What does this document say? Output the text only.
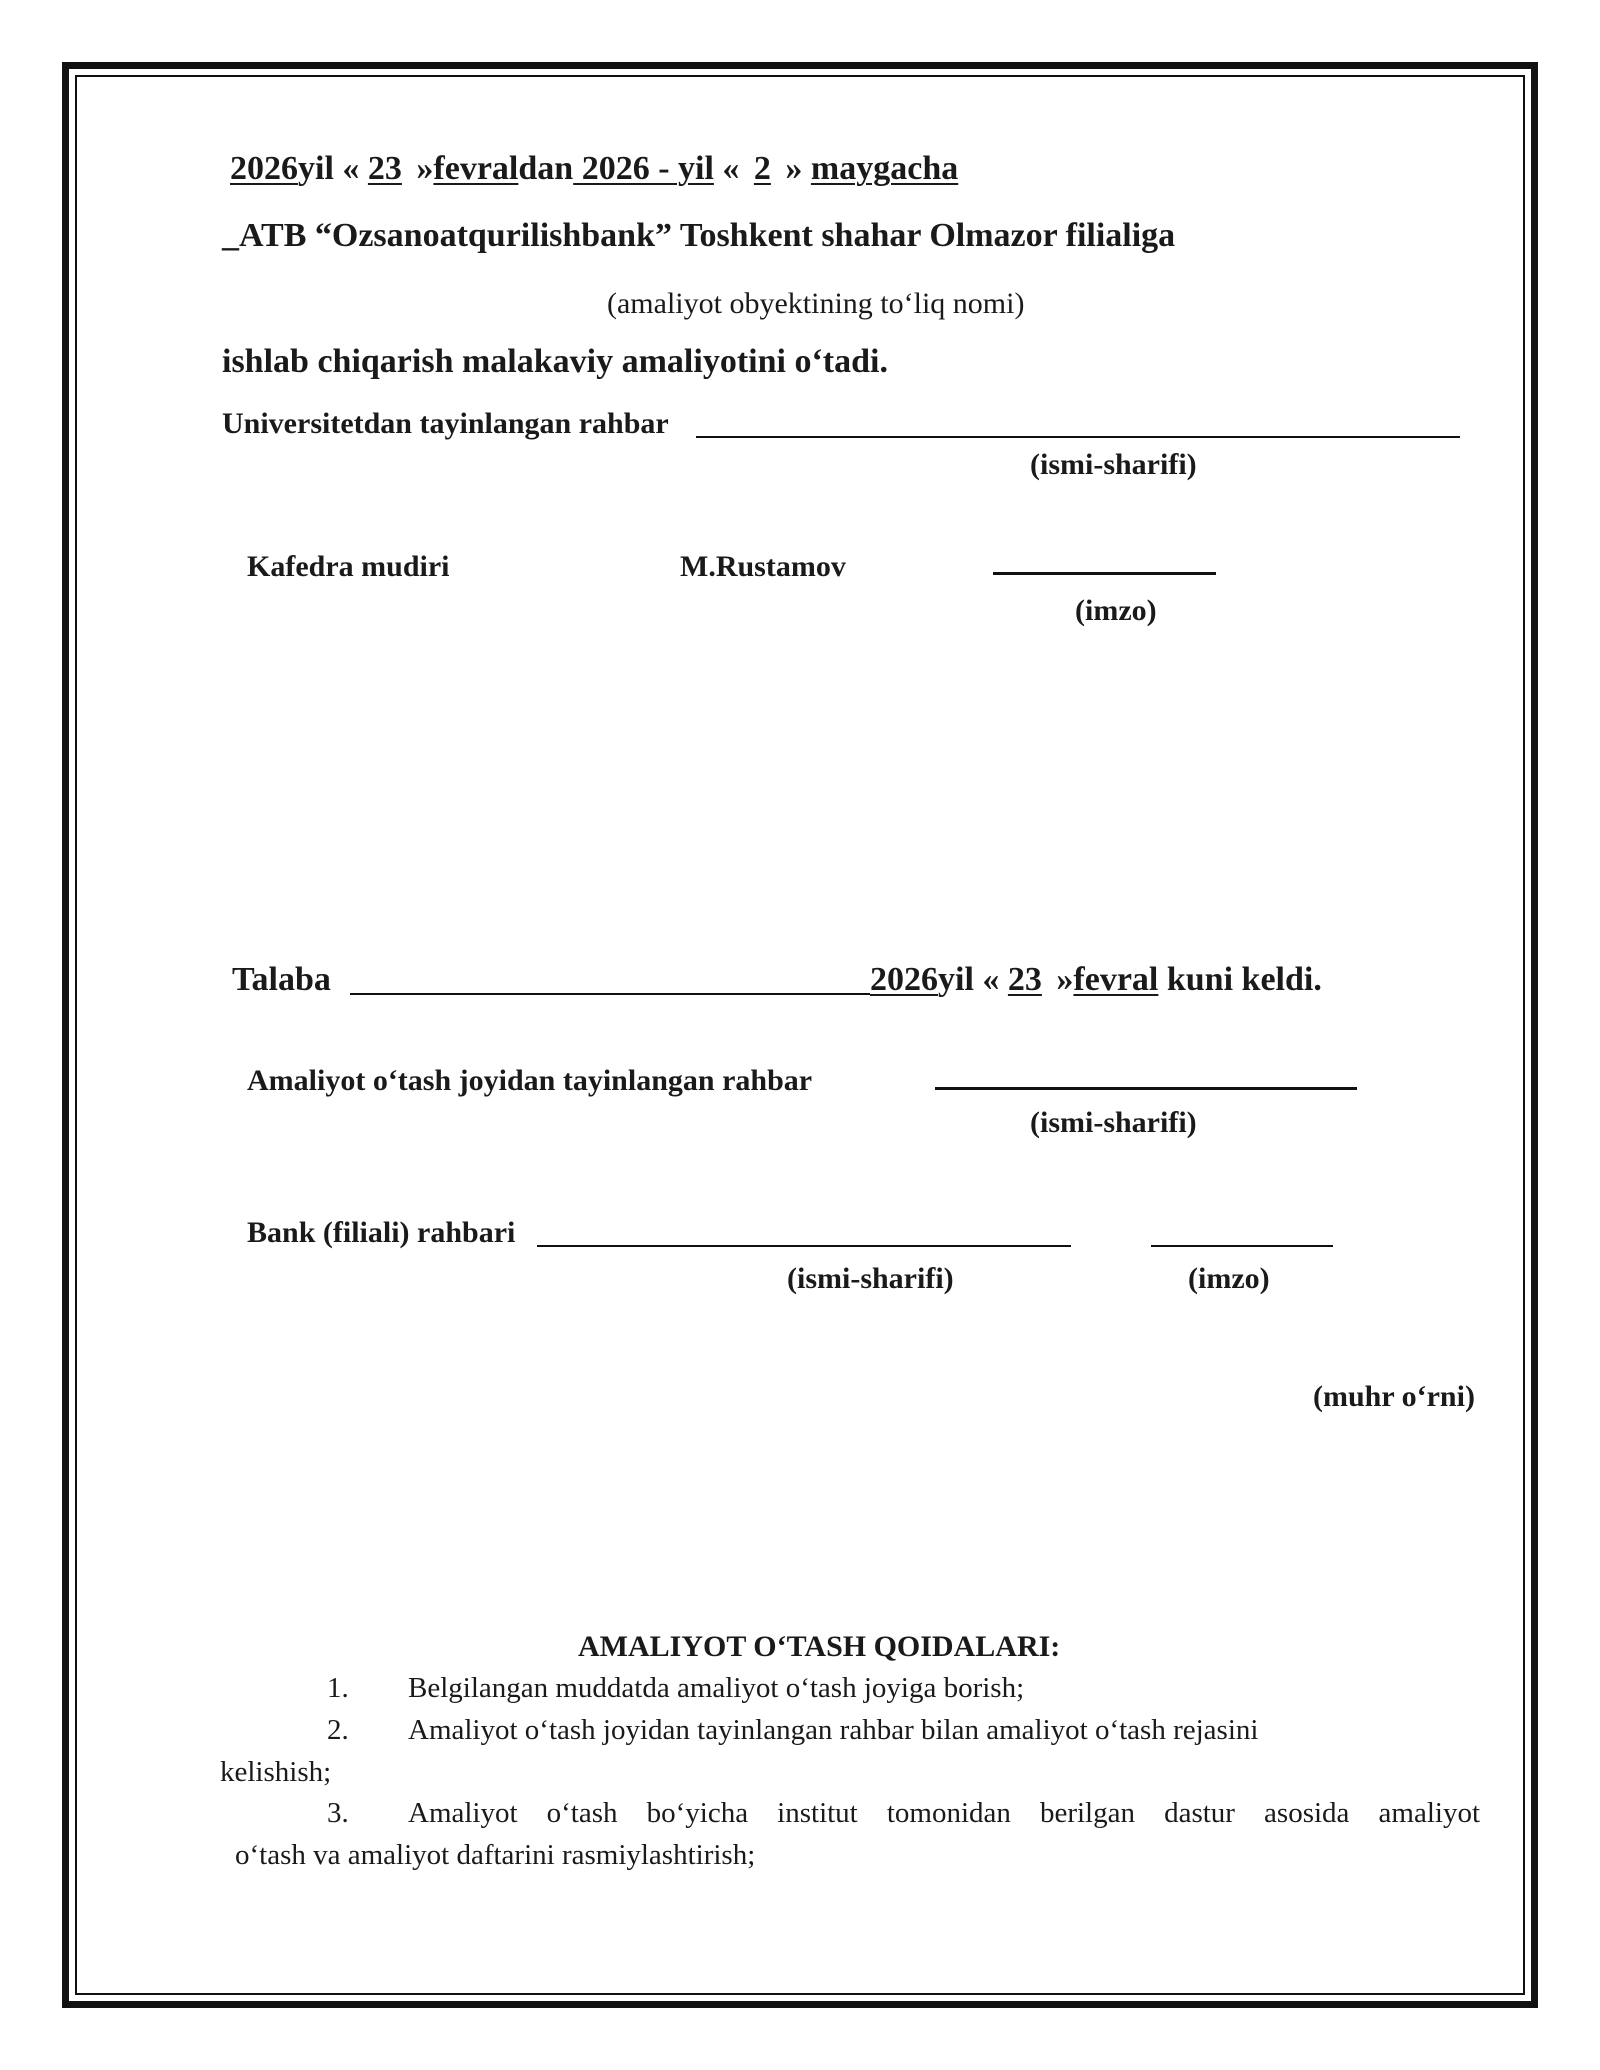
2026yil « 23 »fevraldan 2026 - yil « 2 » maygacha
_ATB “Ozsanoatqurilishbank” Toshkent shahar Olmazor filialiga
(amaliyot obyektining to‘liq nomi)
ishlab chiqarish malakaviy amaliyotini o‘tadi.
Universitetdan tayinlangan rahbar
(ismi-sharifi)
Kafedra mudiri	M.Rustamov
(imzo)
Talaba	2026yil « 23 »fevral kuni keldi.
Amaliyot o‘tash joyidan tayinlangan rahbar
(ismi-sharifi)
Bank (filiali) rahbari
(ismi-sharifi)	(imzo)
(muhr o‘rni)
AMALIYOT O‘TASH QOIDALARI:
1. Belgilangan muddatda amaliyot o‘tash joyiga borish;
2. Amaliyot o‘tash joyidan tayinlangan rahbar bilan amaliyot o‘tash rejasini
kelishish;
3. Amaliyot o‘tash bo‘yicha institut tomonidan berilgan dastur asosida amaliyot
o‘tash va amaliyot daftarini rasmiylashtirish;
